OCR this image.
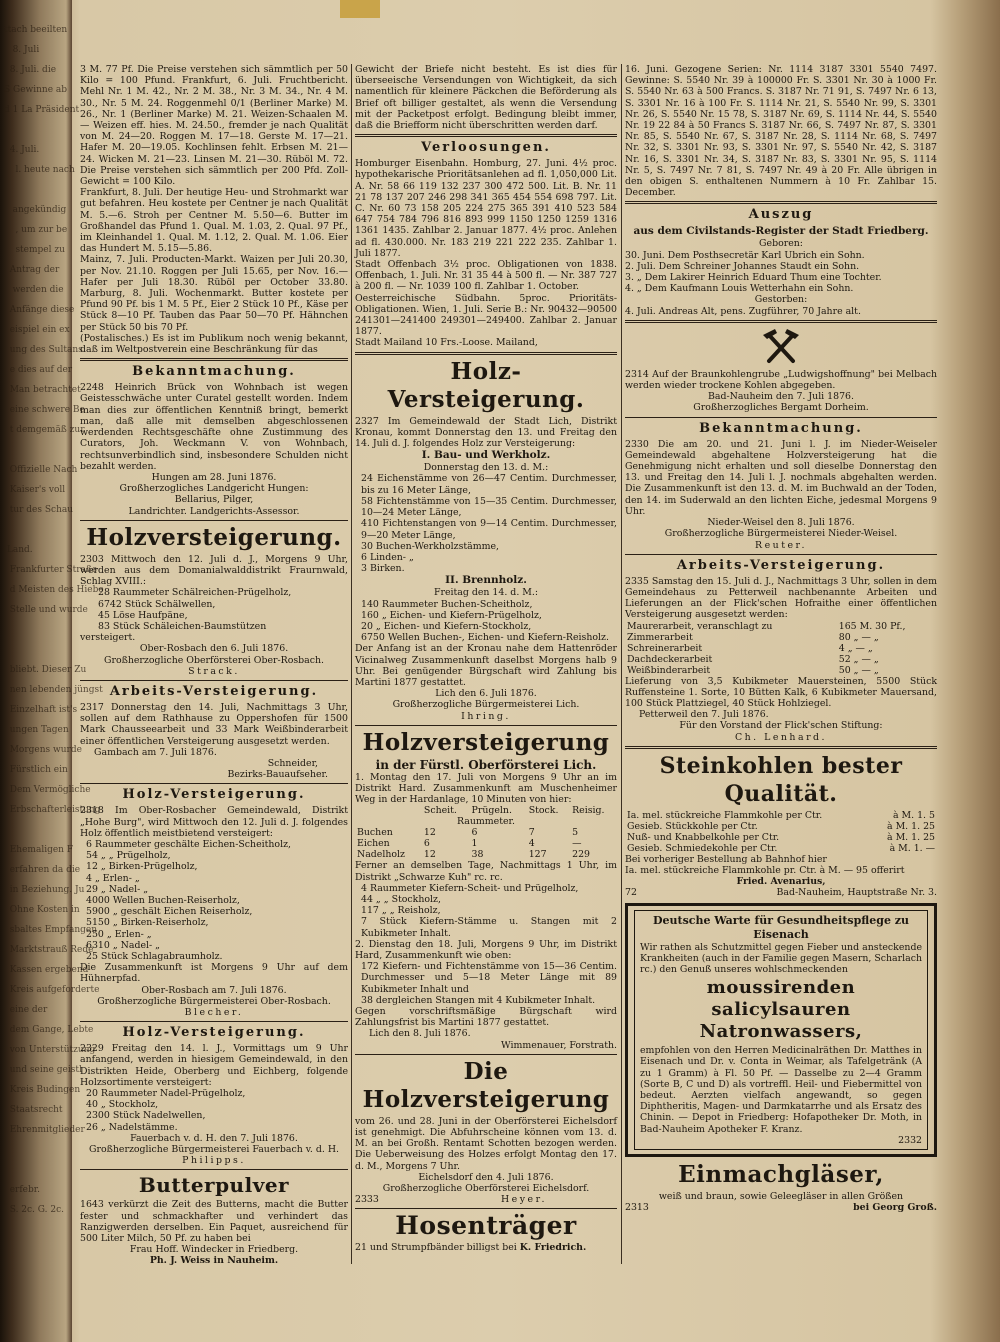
ttach beeilten
8. Juli
8. Juli. die
S Gewinne ab
d 1 La Präsident

4. Juli.
l. heute nach

angekündig
, um zur be
stempel zu
Antrag der
werden die
Anfänge diese
eispiel ein ex
ung des Sultans
e dies auf der
Man betrachtet
eine schwere Be
t demgemäß zur

Offizielle Nach
Kaiser's voll
tur des Schau

Land.
Frankfurter Straße
d Meisten des Hiebe
Stelle und wurde

bliebt. Dieser Zu
nen lebenden jüngst
Einzelhaft ist's
ungen Tagen
Morgens wurde
Fürstlich ein
Dem Vermögliche
Erbschafterleistung

Ehemaligen F
erfahren da die
in Beziehung. Ju
Ohne Kosten in
sbaltes Empfangen
Marktstrauß Rede
Kassen ergebend
Kreis aufgeforderte
eine der
dem Gange, Lebte
von Unterstützung
und seine geistl
Kreis Budingen
Staatsrecht
Ehrenmitglieder

erfebr.
S. 2c. G. 2c.

3 M. 77 Pf. Die Preise verstehen sich sämmtlich per 50 Kilo = 100 Pfund. Frankfurt, 6. Juli. Fruchtbericht. Mehl Nr. 1 M. 42., Nr. 2 M. 38., Nr. 3 M. 34., Nr. 4 M. 30., Nr. 5 M. 24. Roggenmehl 0/1 (Berliner Marke) M. 26., Nr. 1 (Berliner Marke) M. 21. Weizen-Schaalen M.— Weizen eff. hies. M. 24.50., fremder je nach Qualität von M. 24—20. Roggen M. 17—18. Gerste M. 17—21. Hafer M. 20—19.05. Kochlinsen fehlt. Erbsen M. 21—24. Wicken M. 21—23. Linsen M. 21—30. Rüböl M. 72. Die Preise verstehen sich sämmtlich per 200 Pfd. Zoll-Gewicht = 100 Kilo.

Frankfurt, 8. Juli. Der heutige Heu- und Strohmarkt war gut befahren. Heu kostete per Centner je nach Qualität M. 5.—6. Stroh per Centner M. 5.50—6. Butter im Großhandel das Pfund 1. Qual. M. 1.03, 2. Qual. 97 Pf., im Kleinhandel 1. Qual. M. 1.12, 2. Qual. M. 1.06. Eier das Hundert M. 5.15—5.86.

Mainz, 7. Juli. Producten-Markt. Waizen per Juli 20.30, per Nov. 21.10. Roggen per Juli 15.65, per Nov. 16.— Hafer per Juli 18.30. Rüböl per October 33.80. Marburg, 8. Juli. Wochenmarkt. Butter kostete per Pfund 90 Pf. bis 1 M. 5 Pf., Eier 2 Stück 10 Pf., Käse per Stück 8—10 Pf. Tauben das Paar 50—70 Pf. Hähnchen per Stück 50 bis 70 Pf.

(Postalisches.) Es ist im Publikum noch wenig bekannt, daß im Weltpostverein eine Beschränkung für das

Bekanntmachung.

2248 Heinrich Brück von Wohnbach ist wegen Geistesschwäche unter Curatel gestellt worden. Indem man dies zur öffentlichen Kenntniß bringt, bemerkt man, daß alle mit demselben abgeschlossenen werdenden Rechtsgeschäfte ohne Zustimmung des Curators, Joh. Weckmann V. von Wohnbach, rechtsunverbindlich sind, insbesondere Schulden nicht bezahlt werden.

Hungen am 28. Juni 1876.

Großherzogliches Landgericht Hungen:

Bellarius, Pilger,

Landrichter. Landgerichts-Assessor.

Holzversteigerung.

2303 Mittwoch den 12. Juli d. J., Morgens 9 Uhr, werden aus dem Domanialwalddistrikt Fraurnwald, Schlag XVIII.:

28 Raummeter Schälreichen-Prügelholz,

6742 Stück Schälwellen,

45 Löse Haufpäne,

83 Stück Schäleichen-Baumstützen

versteigert.

Ober-Rosbach den 6. Juli 1876.

Großherzogliche Oberförsterei Ober-Rosbach.

Strack.

Arbeits-Versteigerung.

2317 Donnerstag den 14. Juli, Nachmittags 3 Uhr, sollen auf dem Rathhause zu Oppershofen für 1500 Mark Chausseearbeit und 33 Mark Weißbinderarbeit einer öffentlichen Versteigerung ausgesetzt werden.

Gambach am 7. Juli 1876.

Schneider,

Bezirks-Bauaufseher.

Holz-Versteigerung.

2318 Im Ober-Rosbacher Gemeindewald, Distrikt „Hohe Burg", wird Mittwoch den 12. Juli d. J. folgendes Holz öffentlich meistbietend versteigert:

6 Raummeter geschälte Eichen-Scheitholz,

54 „ „ Prügelholz,

12 „ Birken-Prügelholz,

4 „ Erlen- „

29 „ Nadel- „

4000 Wellen Buchen-Reiserholz,

5900 „ geschält Eichen Reiserholz,

5150 „ Birken-Reiserholz,

250 „ Erlen- „

6310 „ Nadel- „

25 Stück Schlagabraumholz.

Die Zusammenkunft ist Morgens 9 Uhr auf dem Hühnerpfad.

Ober-Rosbach am 7. Juli 1876.

Großherzogliche Bürgermeisterei Ober-Rosbach.

Blecher.

Holz-Versteigerung.

2329 Freitag den 14. l. J., Vormittags um 9 Uhr anfangend, werden in hiesigem Gemeindewald, in den Distrikten Heide, Oberberg und Eichberg, folgende Holzsortimente versteigert:

20 Raummeter Nadel-Prügelholz,

40 „ Stockholz,

2300 Stück Nadelwellen,

26 „ Nadelstämme.

Fauerbach v. d. H. den 7. Juli 1876.

Großherzogliche Bürgermeisterei Fauerbach v. d. H.

Philipps.

Butterpulver

1643 verkürzt die Zeit des Butterns, macht die Butter fester und schmackhafter und verhindert das Ranzigwerden derselben. Ein Paquet, ausreichend für 500 Liter Milch, 50 Pf. zu haben bei

Frau Hoff. Windecker in Friedberg.

Ph. J. Weiss in Nauheim.

Gewicht der Briefe nicht besteht. Es ist dies für überseeische Versendungen von Wichtigkeit, da sich namentlich für kleinere Päckchen die Beförderung als Brief oft billiger gestaltet, als wenn die Versendung mit der Packetpost erfolgt. Bedingung bleibt immer, daß die Briefform nicht überschritten werden darf.

Verloosungen.

Homburger Eisenbahn. Homburg, 27. Juni. 4½ proc. hypothekarische Prioritätsanlehen ad fl. 1,050,000 Lit. A. Nr. 58 66 119 132 237 300 472 500. Lit. B. Nr. 11 21 78 137 207 246 298 341 365 454 554 698 797. Lit. C. Nr. 60 73 158 205 224 275 365 391 410 523 584 647 754 784 796 816 893 999 1150 1250 1259 1316 1361 1435. Zahlbar 2. Januar 1877. 4½ proc. Anlehen ad fl. 430.000. Nr. 183 219 221 222 235. Zahlbar 1. Juli 1877.

Stadt Offenbach 3½ proc. Obligationen von 1838. Offenbach, 1. Juli. Nr. 31 35 44 à 500 fl. — Nr. 387 727 à 200 fl. — Nr. 1039 100 fl. Zahlbar 1. October.

Oesterreichische Südbahn. 5proc. Prioritäts-Obligationen. Wien, 1. Juli. Serie B.: Nr. 90432—90500 241301—241400 249301—249400. Zahlbar 2. Januar 1877.

Stadt Mailand 10 Frs.-Loose. Mailand,

Holz-Versteigerung.

2327 Im Gemeindewald der Stadt Lich, Distrikt Kronau, kommt Donnerstag den 13. und Freitag den 14. Juli d. J. folgendes Holz zur Versteigerung:

I. Bau- und Werkholz.

Donnerstag den 13. d. M.:

24 Eichenstämme von 26—47 Centim. Durchmesser, bis zu 16 Meter Länge,

58 Fichtenstämme von 15—35 Centim. Durchmesser, 10—24 Meter Länge,

410 Fichtenstangen von 9—14 Centim. Durchmesser, 9—20 Meter Länge,

30 Buchen-Werkholzstämme,

6 Linden- „

3 Birken.

II. Brennholz.

Freitag den 14. d. M.:

140 Raummeter Buchen-Scheitholz,

160 „ Eichen- und Kiefern-Prügelholz,

20 „ Eichen- und Kiefern-Stockholz,

6750 Wellen Buchen-, Eichen- und Kiefern-Reisholz.

Der Anfang ist an der Kronau nahe dem Hattenröder Vicinalweg Zusammenkunft daselbst Morgens halb 9 Uhr. Bei genügender Bürgschaft wird Zahlung bis Martini 1877 gestattet.

Lich den 6. Juli 1876.

Großherzogliche Bürgermeisterei Lich.

Ihring.

Holzversteigerung

in der Fürstl. Oberförsterei Lich.

1. Montag den 17. Juli von Morgens 9 Uhr an im Distrikt Hard. Zusammenkunft am Muschenheimer Weg in der Hardanlage, 10 Minuten von hier:

	Scheit.	Prügeln.	Stock.	Reisig.
Raummeter.				
Buchen	12	6	7	5
Eichen	6	1	4	—
Nadelholz	12	38	127	229

Ferner an demselben Tage, Nachmittags 1 Uhr, im Distrikt „Schwarze Kuh" rc. rc.

4 Raummeter Kiefern-Scheit- und Prügelholz,

44 „ „ Stockholz,

117 „ „ Reisholz,

7 Stück Kiefern-Stämme u. Stangen mit 2 Kubikmeter Inhalt.

2. Dienstag den 18. Juli, Morgens 9 Uhr, im Distrikt Hard, Zusammenkunft wie oben:

172 Kiefern- und Fichtenstämme von 15—36 Centim. Durchmesser und 5—18 Meter Länge mit 89 Kubikmeter Inhalt und

38 dergleichen Stangen mit 4 Kubikmeter Inhalt.

Gegen vorschriftsmäßige Bürgschaft wird Zahlungsfrist bis Martini 1877 gestattet.

Lich den 8. Juli 1876.

Wimmenauer, Forstrath.

Die Holzversteigerung

vom 26. und 28. Juni in der Oberförsterei Eichelsdorf ist genehmigt. Die Abfuhrscheine können vom 13. d. M. an bei Großh. Rentamt Schotten bezogen werden. Die Ueberweisung des Holzes erfolgt Montag den 17. d. M., Morgens 7 Uhr.

Eichelsdorf den 4. Juli 1876.

Großherzogliche Oberförsterei Eichelsdorf.

2333	Heyer.
Hosenträger

21 und Strumpfbänder billigst bei K. Friedrich.

16. Juni. Gezogene Serien: Nr. 1114 3187 3301 5540 7497. Gewinne: S. 5540 Nr. 39 à 100000 Fr. S. 3301 Nr. 30 à 1000 Fr. S. 5540 Nr. 63 à 500 Francs. S. 3187 Nr. 71 91, S. 7497 Nr. 6 13, S. 3301 Nr. 16 à 100 Fr. S. 1114 Nr. 21, S. 5540 Nr. 99, S. 3301 Nr. 26, S. 5540 Nr. 15 78, S. 3187 Nr. 69, S. 1114 Nr. 44, S. 5540 Nr. 19 22 84 à 50 Francs S. 3187 Nr. 66, S. 7497 Nr. 87, S. 3301 Nr. 85, S. 5540 Nr. 67, S. 3187 Nr. 28, S. 1114 Nr. 68, S. 7497 Nr. 32, S. 3301 Nr. 93, S. 3301 Nr. 97, S. 5540 Nr. 42, S. 3187 Nr. 16, S. 3301 Nr. 34, S. 3187 Nr. 83, S. 3301 Nr. 95, S. 1114 Nr. 5, S. 7497 Nr. 7 81, S. 7497 Nr. 49 à 20 Fr. Alle übrigen in den obigen S. enthaltenen Nummern à 10 Fr. Zahlbar 15. December.

Auszug

aus dem Civilstands-Register der Stadt Friedberg.

Geboren:

30. Juni. Dem Posthsecretär Karl Ubrich ein Sohn.

2. Juli. Dem Schreiner Johannes Staudt ein Sohn.

3. „ Dem Lakirer Heinrich Eduard Thum eine Tochter.

4. „ Dem Kaufmann Louis Wetterhahn ein Sohn.

Gestorben:

4. Juli. Andreas Alt, pens. Zugführer, 70 Jahre alt.

2314 Auf der Braunkohlengrube „Ludwigshoffnung" bei Melbach werden wieder trockene Kohlen abgegeben.

Bad-Nauheim den 7. Juli 1876.

Großherzogliches Bergamt Dorheim.

Bekanntmachung.

2330 Die am 20. und 21. Juni l. J. im Nieder-Weiseler Gemeindewald abgehaltene Holzversteigerung hat die Genehmigung nicht erhalten und soll dieselbe Donnerstag den 13. und Freitag den 14. Juli l. J. nochmals abgehalten werden. Die Zusammenkunft ist den 13. d. M. im Buchwald an der Toden, den 14. im Suderwald an den lichten Eiche, jedesmal Morgens 9 Uhr.

Nieder-Weisel den 8. Juli 1876.

Großherzogliche Bürgermeisterei Nieder-Weisel.

Reuter.

Arbeits-Versteigerung.

2335 Samstag den 15. Juli d. J., Nachmittags 3 Uhr, sollen in dem Gemeindehaus zu Petterweil nachbenannte Arbeiten und Lieferungen an der Flick'schen Hofraithe einer öffentlichen Versteigerung ausgesetzt werden:

Maurerarbeit, veranschlagt zu	165 M. 30 Pf.,
Zimmerarbeit	80 „ — „
Schreinerarbeit	4 „ — „
Dachdeckerarbeit	52 „ — „
Weißbinderarbeit	50 „ — „

Lieferung von 3,5 Kubikmeter Mauersteinen, 5500 Stück Ruffensteine 1. Sorte, 10 Bütten Kalk, 6 Kubikmeter Mauersand, 100 Stück Plattziegel, 40 Stück Hohlziegel.

Petterweil den 7. Juli 1876.

Für den Vorstand der Flick'schen Stiftung:

Ch. Lenhard.

Steinkohlen bester Qualität.
Ia. mel. stückreiche Flammkohle per Ctr.	à M. 1. 5
Gesieb. Stückkohle per Ctr.	à M. 1. 25
Nuß- und Knabbelkohle per Ctr.	à M. 1. 25
Gesieb. Schmiedekohle per Ctr.	à M. 1. —

Bei vorheriger Bestellung ab Bahnhof hier

Ia. mel. stückreiche Flammkohle pr. Ctr. à M. — 95 offerirt

Fried. Avenarius,

72	Bad-Nauheim, Hauptstraße Nr. 3.

Deutsche Warte für Gesundheitspflege zu Eisenach

Wir rathen als Schutzmittel gegen Fieber und ansteckende Krankheiten (auch in der Familie gegen Masern, Scharlach rc.) den Genuß unseres wohlschmeckenden

moussirenden salicylsauren Natronwassers,

empfohlen von den Herren Medicinalräthen Dr. Matthes in Eisenach und Dr. v. Conta in Weimar, als Tafelgetränk (A zu 1 Gramm) à Fl. 50 Pf. — Dasselbe zu 2—4 Gramm (Sorte B, C und D) als vortreffl. Heil- und Fiebermittel von bedeut. Aerzten vielfach angewandt, so gegen Diphtheritis, Magen- und Darmkatarrhe und als Ersatz des Chinin. — Depot in Friedberg: Hofapotheker Dr. Moth, in Bad-Nauheim Apotheker F. Kranz.

2332

Einmachgläser,

weiß und braun, sowie Geleegläser in allen Größen

2313	bei Georg Groß.
